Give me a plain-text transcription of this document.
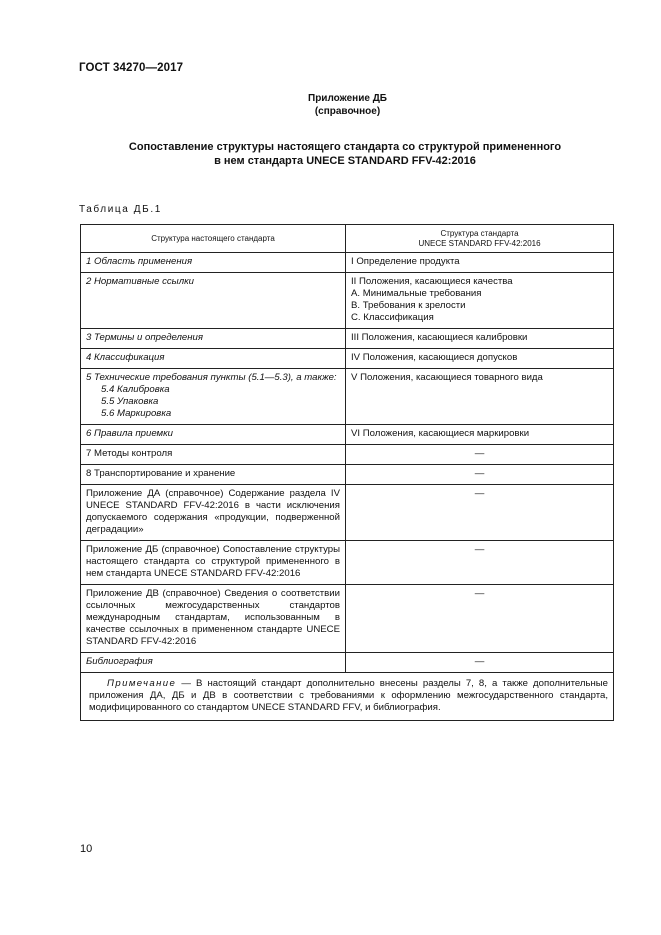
ГОСТ 34270—2017
Приложение ДБ
(справочное)
Сопоставление структуры настоящего стандарта со структурой примененного
в нем стандарта UNECE STANDARD FFV-42:2016
Таблица ДБ.1
Структура настоящего стандарта	Структура стандарта
UNECE STANDARD FFV-42:2016

1 Область применения	I Определение продукта
2 Нормативные ссылки	II Положения, касающиеся качества
А. Минимальные требования
В. Требования к зрелости
С. Классификация

3 Термины и определения	III Положения, касающиеся калибровки
4 Классификация	IV Положения, касающиеся допусков

5 Технические требования пункты (5.1—5.3), а также:
5.4 Калибровка
5.5 Упаковка
5.6 Маркировка	V Положения, касающиеся товарного вида
6 Правила приемки	VI Положения, касающиеся маркировки
7 Методы контроля	—
8 Транспортирование и хранение	—
Приложение ДА (справочное) Содержание раздела IV UNECE STANDARD FFV-42:2016 в части исключения допускаемого содержания «продукции, подверженной деградации»	—
Приложение ДБ (справочное) Сопоставление структуры настоящего стандарта со структурой примененного в нем стандарта UNECE STANDARD FFV-42:2016	—
Приложение ДВ (справочное) Сведения о соответствии ссылочных межгосударственных стандартов международным стандартам, использованным в качестве ссылочных в примененном стандарте UNECE STANDARD FFV-42:2016	—
Библиография	—
Примечание — В настоящий стандарт дополнительно внесены разделы 7, 8, а также дополнительные приложения ДА, ДБ и ДВ в соответствии с требованиями к оформлению межгосударственного стандарта, модифицированного со стандартом UNECE STANDARD FFV, и библиография.	
10
